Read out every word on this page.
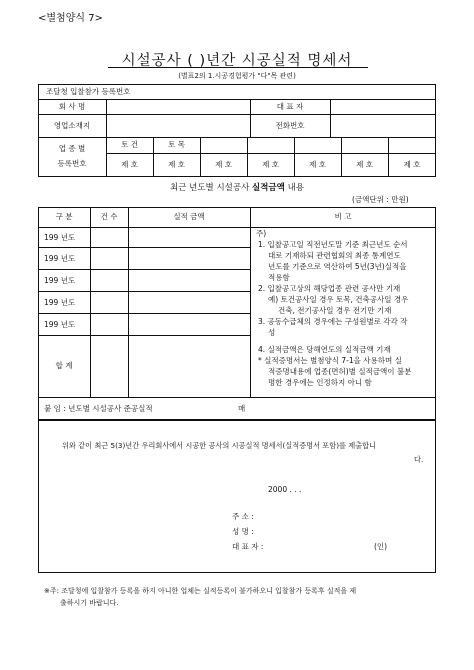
<별첨양식 7>
시설공사 ( )년간 시공실적 명세서
(별표2의 1.시공경험평가 "다"목 관련)
조달청 입찰참가 등록번호
회 사 명	대 표 자
영업소재지	전화번호
업 종 별
등록번호
토 건	토 목
제 호	제 호	제 호	제 호	제 호	제 호	제 호
최근 년도별 시설공사 실적금액 내용
(금액단위 : 만원)
구 분	건 수	실적 금액	비 고
199 년도
199 년도
199 년도
199 년도
199 년도
합 계
주)
1. 입찰공고일 직전년도말 기준 최근년도 순서
대로 기재하되 관련협회의 최종 통계연도
년도를 기준으로 역산하여 5년(3년)실적을
적용함
2. 입찰공고상의 해당업종 관련 공사만 기재
예) 토건공사일 경우 토목, 건축공사일 경우
건축, 전기공사일 경우 전기만 기재
3. 공동수급체의 경우에는 구성원별로 각각 작
성
4. 실적금액은 당해연도의 실적금액 기재
* 실적증명서는 별첨양식 7-1을 사용하며 실
적증명내용에 업종(면허)별 실적금액이 불분
명한 경우에는 인정하지 아니 함
붙 임 : 년도별 시설공사 준공실적	매
위와 같이 최근 5(3)년간 우리회사에서 시공한 공사의 시공실적 명세서(실적증명서 포함)를 제출합니
다.
2000 . . .
주 소 :
성 명 :
대 표 자 :	(인)
※주: 조달청에 입찰참가 등록을 하지 아니한 업체는 실적등록이 불가하오니 입찰참가 등록후 실적을 제
출하시기 바랍니다.
